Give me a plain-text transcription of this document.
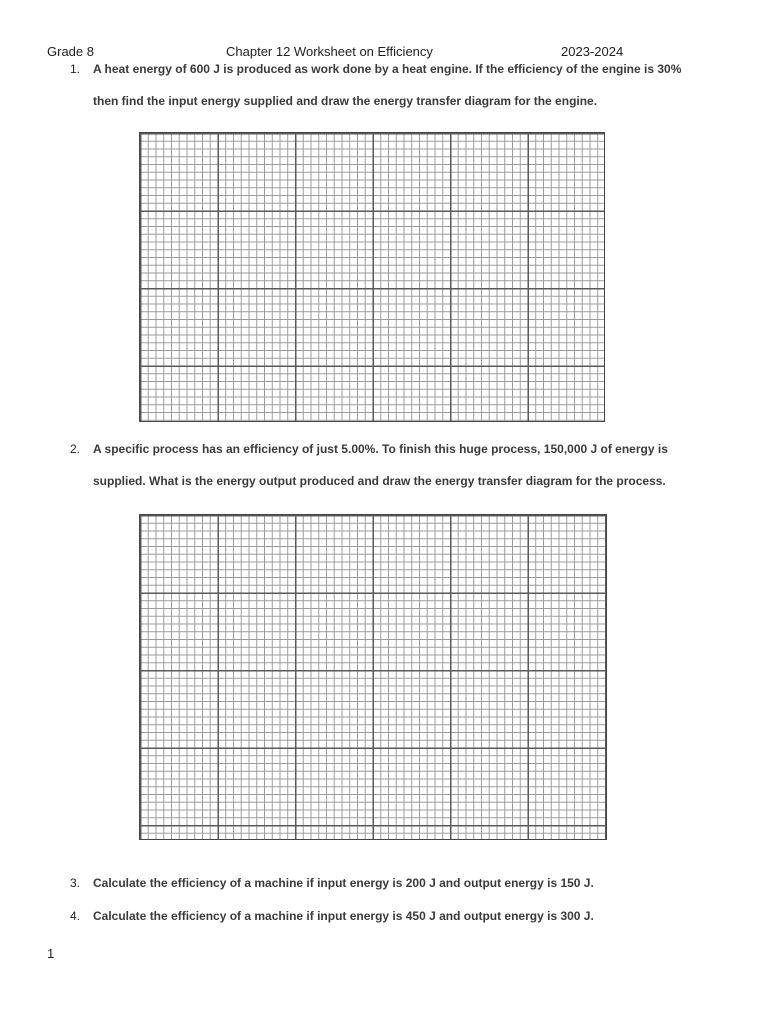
Grade 8	Chapter 12 Worksheet on Efficiency	2023-2024
1.	A heat energy of 600 J is produced as work done by a heat engine. If the efficiency of the engine is 30%
then find the input energy supplied and draw the energy transfer diagram for the engine.
2.	A specific process has an efficiency of just 5.00%. To finish this huge process, 150,000 J of energy is
supplied. What is the energy output produced and draw the energy transfer diagram for the process.
3.	Calculate the efficiency of a machine if input energy is 200 J and output energy is 150 J.
4.	Calculate the efficiency of a machine if input energy is 450 J and output energy is 300 J.
1
